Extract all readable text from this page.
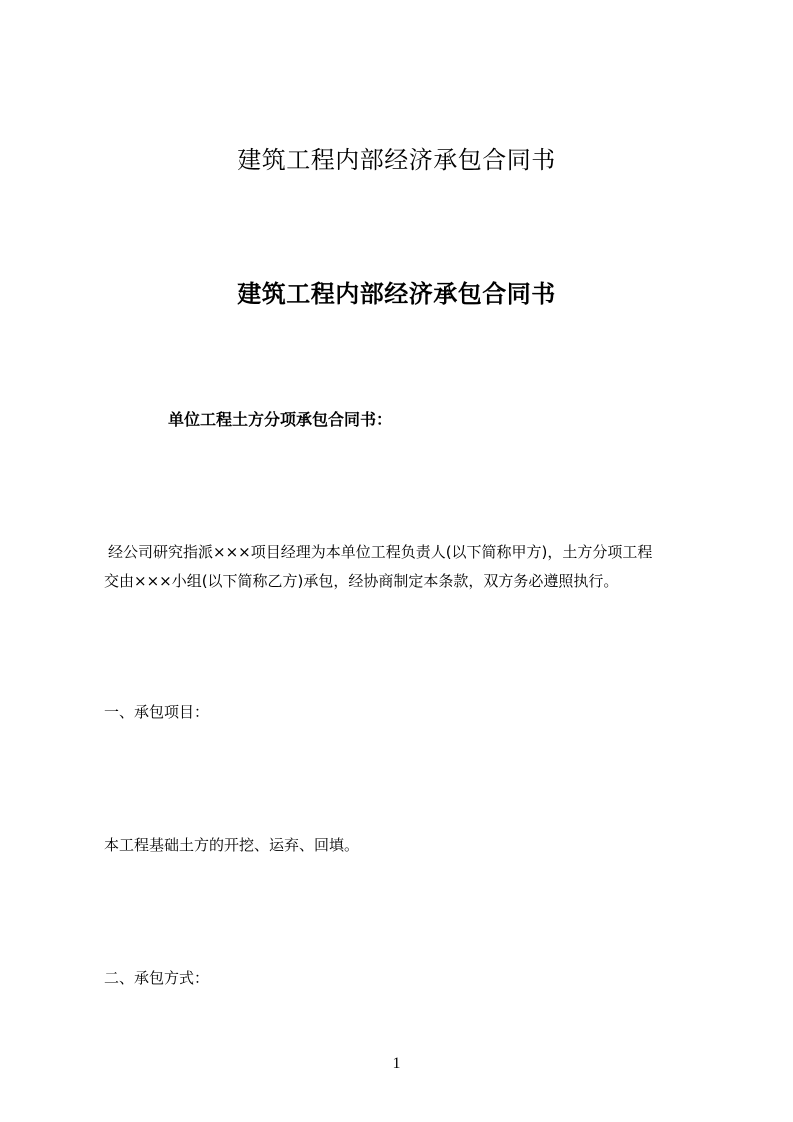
建筑工程内部经济承包合同书
建筑工程内部经济承包合同书
单位工程土方分项承包合同书：
经公司研究指派×××项目经理为本单位工程负责人(以下简称甲方)，土方分项工程
交由×××小组(以下简称乙方)承包，经协商制定本条款，双方务必遵照执行。
一、承包项目：
本工程基础土方的开挖、运弃、回填。
二、承包方式：
1
